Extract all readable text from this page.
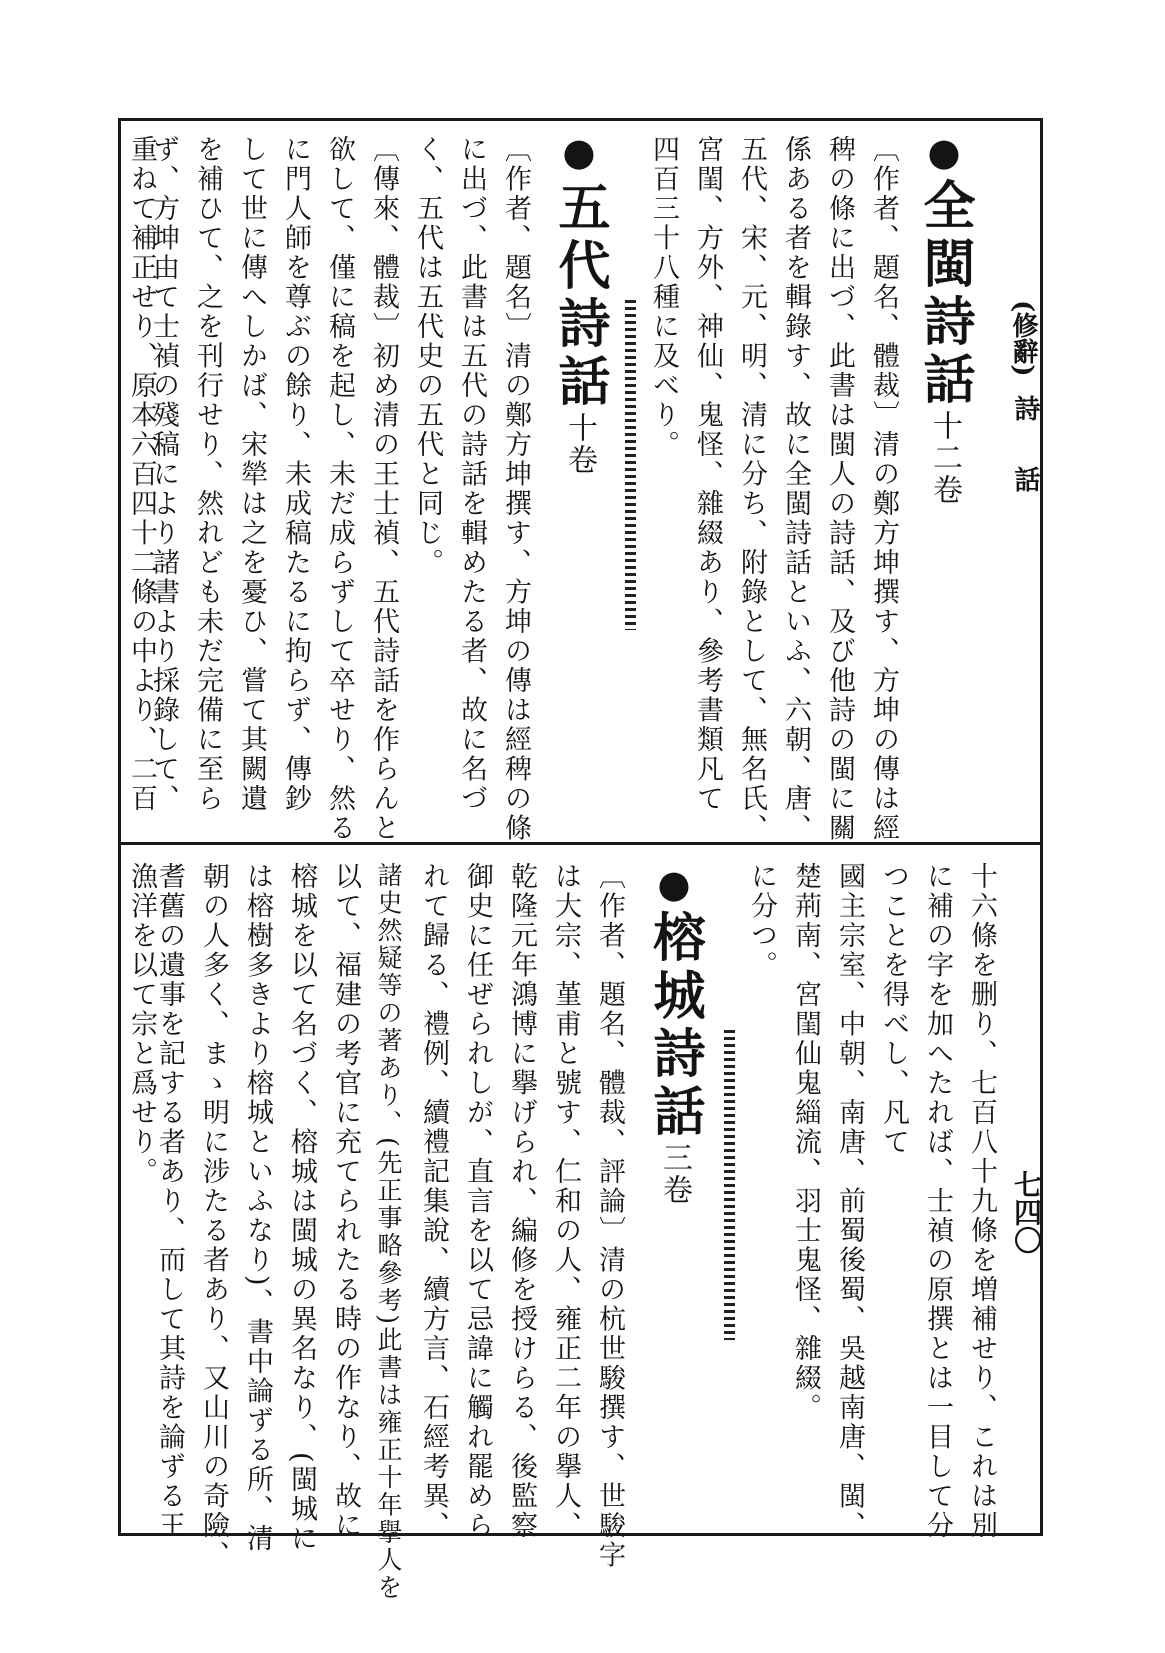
(修辭)
詩 話
七四〇
●
全閩詩話十二卷
〔作者、題名、體裁〕清の鄭方坤撰す、方坤の傳は經
稗の條に出づ、此書は閩人の詩話、及び他詩の閩に關
係ある者を輯錄す、故に全閩詩話といふ、六朝、唐、
五代、宋、元、明、清に分ち、附錄として、無名氏、
宮閨、方外、神仙、鬼怪、雜綴あり、參考書類凡て
四百三十八種に及べり。
●
五代詩話十卷
〔作者、題名〕清の鄭方坤撰す、方坤の傳は經稗の條
に出づ、此書は五代の詩話を輯めたる者、故に名づ
く、五代は五代史の五代と同じ。
〔傳來、體裁〕初め清の王士禎、五代詩話を作らんと
欲して、僅に稿を起し、未だ成らずして卒せり、然る
に門人師を尊ぶの餘り、未成稿たるに拘らず、傳鈔
して世に傳へしかば、宋犖は之を憂ひ、嘗て其闕遺
を補ひて、之を刊行せり、然れども未だ完備に至ら
ず、方坤由て士禎の殘稿により諸書より採錄して、
重ねて補正せり、原本六百四十二條の中より、二百
十六條を删り、七百八十九條を増補せり、これは別
に補の字を加へたれば、士禎の原撰とは一目して分
つことを得べし、凡て
國主宗室、中朝、南唐、前蜀後蜀、吳越南唐、閩、
楚荊南、宮閨仙鬼緇流、羽士鬼怪、雜綴。
に分つ。
●
榕城詩話三卷
〔作者、題名、體裁、評論〕清の杭世駿撰す、世駿字
は大宗、堇甫と號す、仁和の人、雍正二年の擧人、
乾隆元年鴻博に擧げられ、編修を授けらる、後監察
御史に任ぜられしが、直言を以て忌諱に觸れ罷めら
れて歸る、禮例、續禮記集說、續方言、石經考異、
諸史然疑等の著あり、(先正事略參考)此書は雍正十年擧人を
以て、福建の考官に充てられたる時の作なり、故に
榕城を以て名づく、榕城は閩城の異名なり、(閩城に
は榕樹多きより榕城といふなり)、書中論ずる所、清
朝の人多く、まゝ明に涉たる者あり、又山川の奇險、
耆舊の遺事を記する者あり、而して其詩を論ずる王
漁洋を以て宗と爲せり。
